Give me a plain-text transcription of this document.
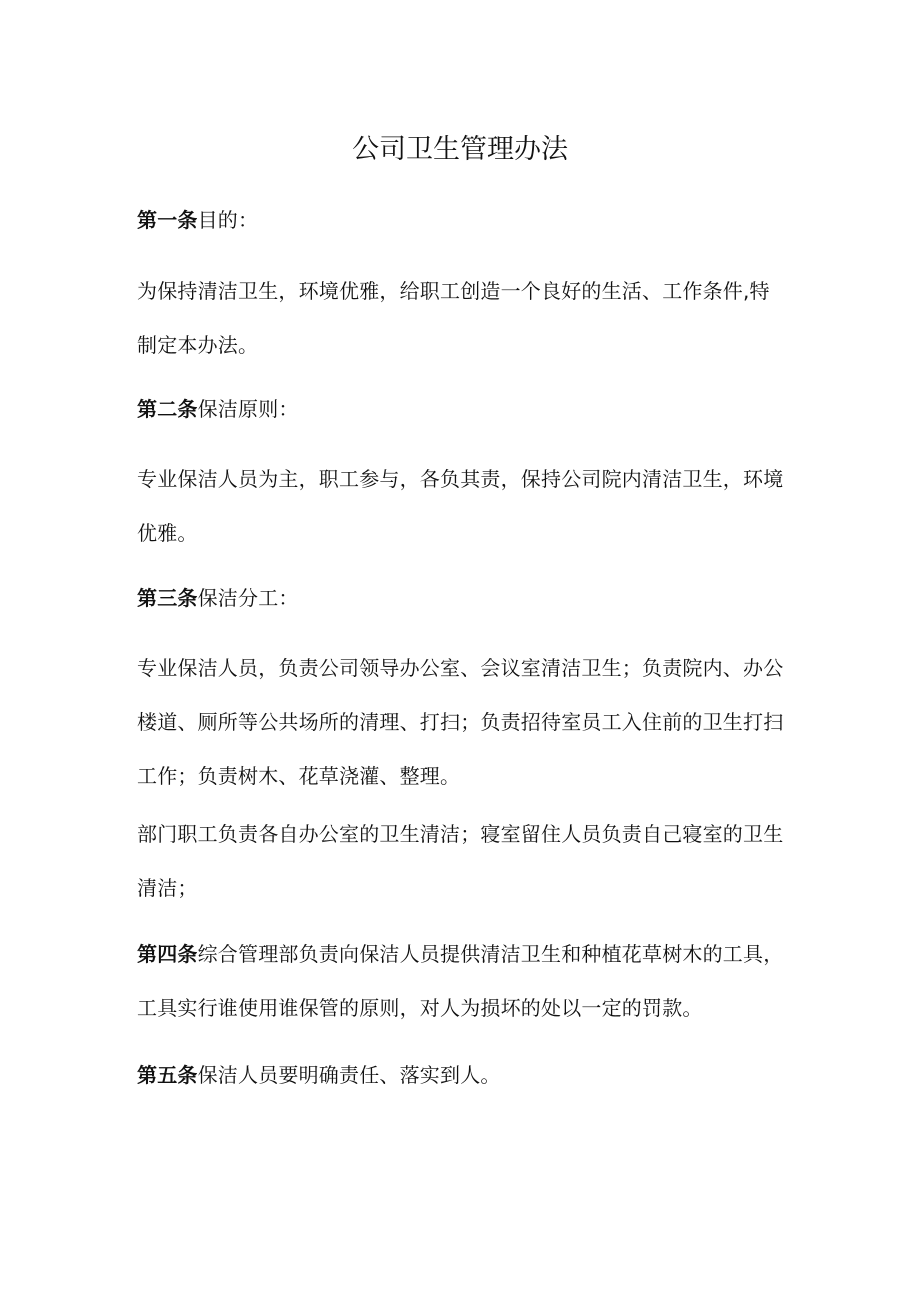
公司卫生管理办法

第一条目的：

为保持清洁卫生，环境优雅，给职工创造一个良好的生活、工作条件,特制定本办法。

第二条保洁原则：

专业保洁人员为主，职工参与，各负其责，保持公司院内清洁卫生，环境优雅。

第三条保洁分工：

专业保洁人员，负责公司领导办公室、会议室清洁卫生；负责院内、办公楼道、厕所等公共场所的清理、打扫；负责招待室员工入住前的卫生打扫工作；负责树木、花草浇灌、整理。

部门职工负责各自办公室的卫生清洁；寝室留住人员负责自己寝室的卫生清洁；

第四条综合管理部负责向保洁人员提供清洁卫生和种植花草树木的工具，工具实行谁使用谁保管的原则，对人为损坏的处以一定的罚款。

第五条保洁人员要明确责任、落实到人。
